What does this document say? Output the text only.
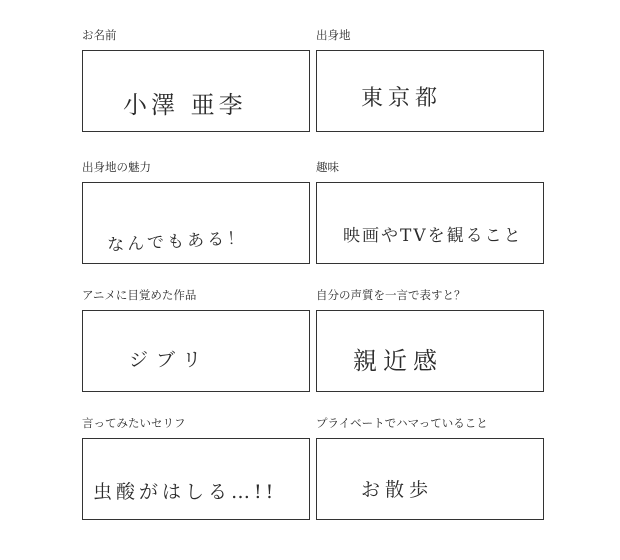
お名前
小澤 亜李
出身地
東京都
出身地の魅力
なんでもある！
趣味
映画やTVを観ること
アニメに目覚めた作品
ジブリ
自分の声質を一言で表すと？
親近感
言ってみたいセリフ
虫酸がはしる…!!
プライベートでハマっていること
お散歩
